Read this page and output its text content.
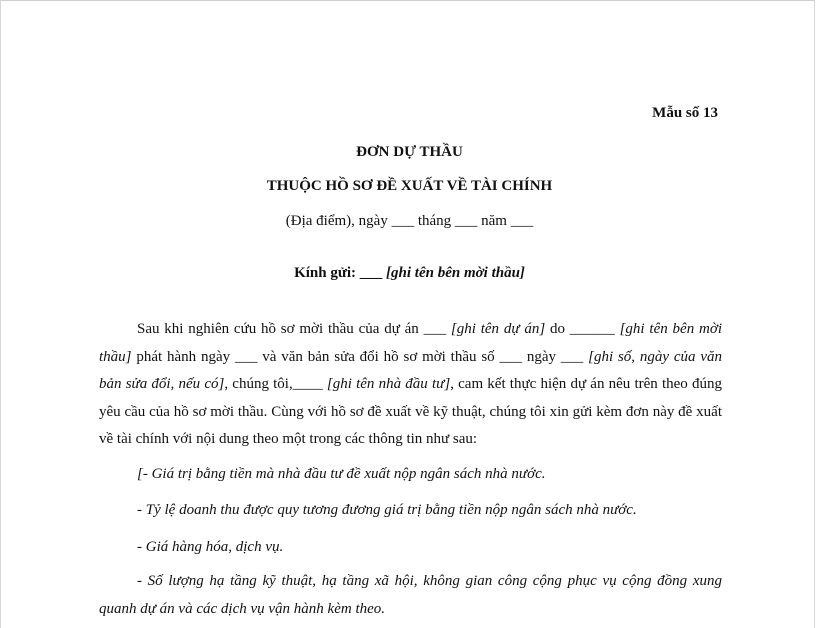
Mẫu số 13
ĐƠN DỰ THẦU
THUỘC HỒ SƠ ĐỀ XUẤT VỀ TÀI CHÍNH
(Địa điểm), ngày ___ tháng ___ năm ___
Kính gửi: ___ [ghi tên bên mời thầu]

Sau khi nghiên cứu hồ sơ mời thầu của dự án ___ [ghi tên dự án] do ______ [ghi tên bên mời thầu] phát hành ngày ___ và văn bản sửa đổi hồ sơ mời thầu số ___ ngày ___ [ghi số, ngày của văn bản sửa đổi, nếu có], chúng tôi,____ [ghi tên nhà đầu tư], cam kết thực hiện dự án nêu trên theo đúng yêu cầu của hồ sơ mời thầu. Cùng với hồ sơ đề xuất về kỹ thuật, chúng tôi xin gửi kèm đơn này đề xuất về tài chính với nội dung theo một trong các thông tin như sau:

[- Giá trị bằng tiền mà nhà đầu tư đề xuất nộp ngân sách nhà nước.

- Tỷ lệ doanh thu được quy tương đương giá trị bằng tiền nộp ngân sách nhà nước.

- Giá hàng hóa, dịch vụ.

- Số lượng hạ tầng kỹ thuật, hạ tầng xã hội, không gian công cộng phục vụ cộng đồng xung quanh dự án và các dịch vụ vận hành kèm theo.
